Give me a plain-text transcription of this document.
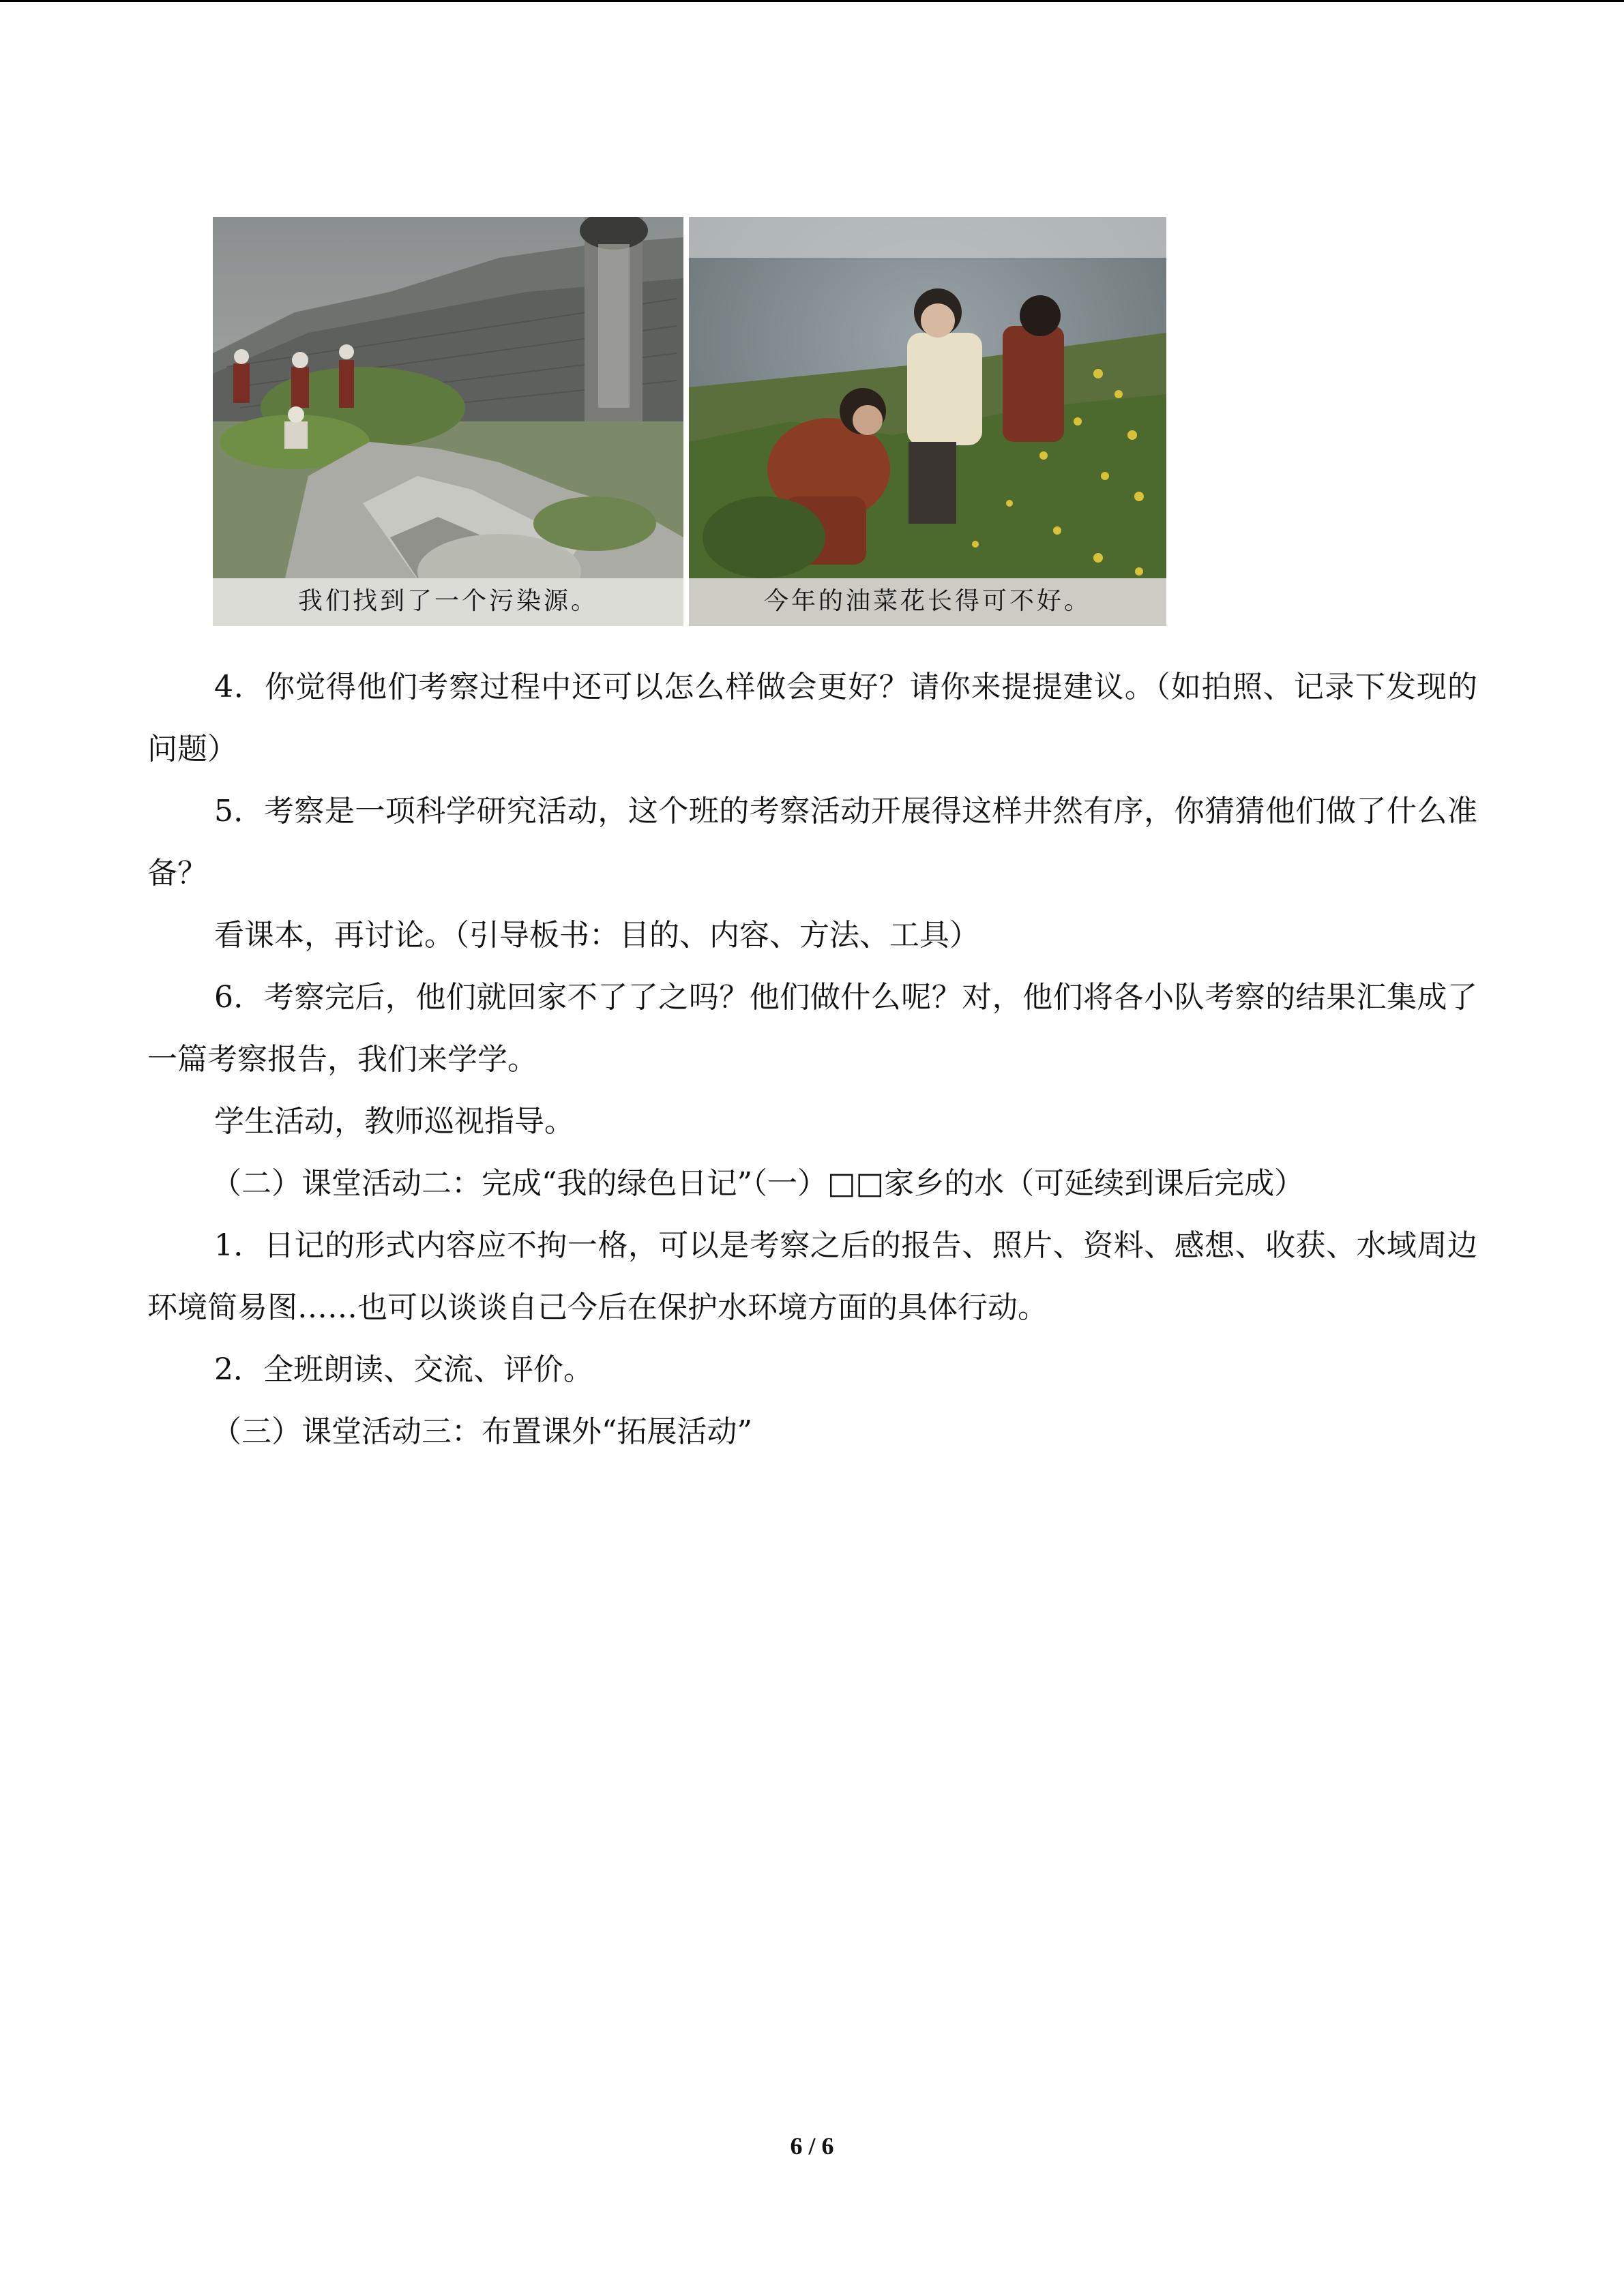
我们找到了一个污染源。	今年的油菜花长得可不好。

4．你觉得他们考察过程中还可以怎么样做会更好？请你来提提建议。（如拍照、记录下发现的问题）

5．考察是一项科学研究活动，这个班的考察活动开展得这样井然有序，你猜猜他们做了什么准备？

看课本，再讨论。（引导板书：目的、内容、方法、工具）

6．考察完后，他们就回家不了了之吗？他们做什么呢？对，他们将各小队考察的结果汇集成了一篇考察报告，我们来学学。

学生活动，教师巡视指导。

（二）课堂活动二：完成“我的绿色日记”（一）□□家乡的水（可延续到课后完成）

1．日记的形式内容应不拘一格，可以是考察之后的报告、照片、资料、感想、收获、水域周边环境简易图……也可以谈谈自己今后在保护水环境方面的具体行动。

2．全班朗读、交流、评价。

（三）课堂活动三：布置课外“拓展活动”

6 / 6
